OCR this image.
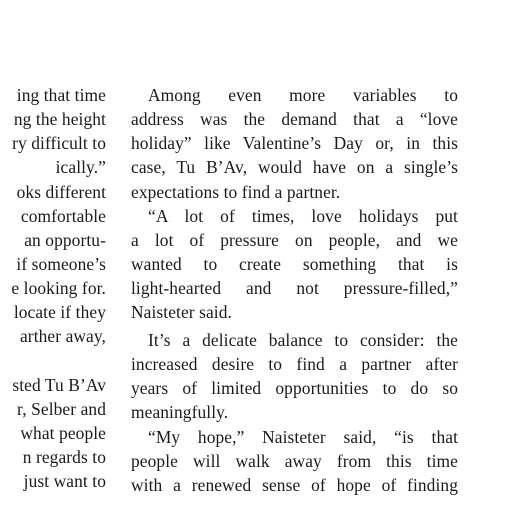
ing that time
ng the height
ry difficult to
ically.”
oks different
comfortable
an opportu-
if someone’s
e looking for.
locate if they
arther away,
sted Tu B’Av
r, Selber and
what people
n regards to
just want to
Among even more variables to
address was the demand that a “love
holiday” like Valentine’s Day or, in this
case, Tu B’Av, would have on a single’s
expectations to find a partner.
“A lot of times, love holidays put
a lot of pressure on people, and we
wanted to create something that is
light-hearted and not pressure-filled,”
Naisteter said.
It’s a delicate balance to consider: the
increased desire to find a partner after
years of limited opportunities to do so
meaningfully.
“My hope,” Naisteter said, “is that
people will walk away from this time
with a renewed sense of hope of finding
